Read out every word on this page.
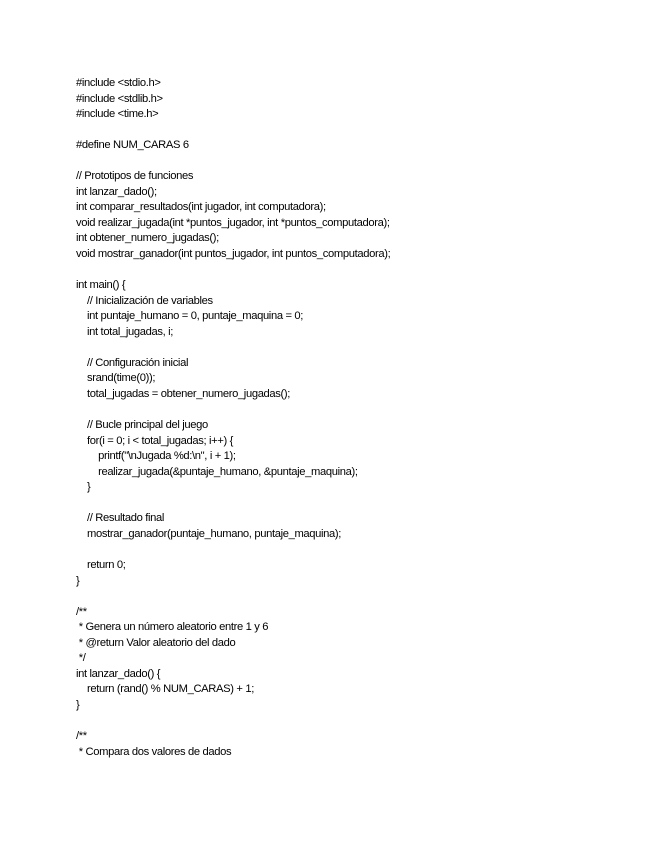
#include <stdio.h>
#include <stdlib.h>
#include <time.h>
#define NUM_CARAS 6
// Prototipos de funciones
int lanzar_dado();
int comparar_resultados(int jugador, int computadora);
void realizar_jugada(int *puntos_jugador, int *puntos_computadora);
int obtener_numero_jugadas();
void mostrar_ganador(int puntos_jugador, int puntos_computadora);
int main() {
// Inicialización de variables
int puntaje_humano = 0, puntaje_maquina = 0;
int total_jugadas, i;
// Configuración inicial
srand(time(0));
total_jugadas = obtener_numero_jugadas();
// Bucle principal del juego
for(i = 0; i < total_jugadas; i++) {
printf("\nJugada %d:\n", i + 1);
realizar_jugada(&puntaje_humano, &puntaje_maquina);
}
// Resultado final
mostrar_ganador(puntaje_humano, puntaje_maquina);
return 0;
}
/**
* Genera un número aleatorio entre 1 y 6
* @return Valor aleatorio del dado
*/
int lanzar_dado() {
return (rand() % NUM_CARAS) + 1;
}
/**
* Compara dos valores de dados
